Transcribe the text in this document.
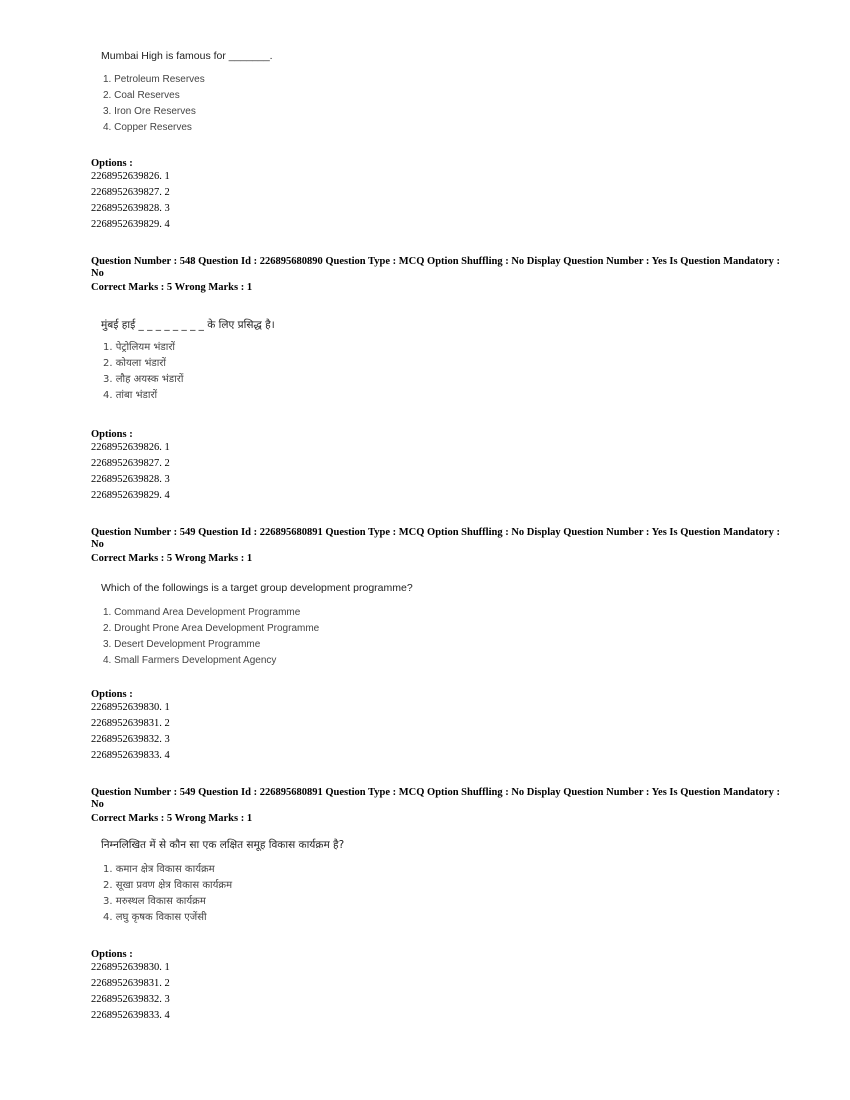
Mumbai High is famous for _______.
1. Petroleum Reserves
2. Coal Reserves
3. Iron Ore Reserves
4. Copper Reserves
Options :
2268952639826. 1
2268952639827. 2
2268952639828. 3
2268952639829. 4
Question Number : 548 Question Id : 226895680890 Question Type : MCQ Option Shuffling : No Display Question Number : Yes Is Question Mandatory : No
Correct Marks : 5 Wrong Marks : 1
मुंबई हाई _ _ _ _ _ _ _ _ के लिए प्रसिद्ध है।
1. पेट्रोलियम भंडारों
2. कोयला भंडारों
3. लौह अयस्क भंडारों
4. तांबा भंडारों
Options :
2268952639826. 1
2268952639827. 2
2268952639828. 3
2268952639829. 4
Question Number : 549 Question Id : 226895680891 Question Type : MCQ Option Shuffling : No Display Question Number : Yes Is Question Mandatory : No
Correct Marks : 5 Wrong Marks : 1
Which of the followings is a target group development programme?
1. Command Area Development Programme
2. Drought Prone Area Development Programme
3. Desert Development Programme
4. Small Farmers Development Agency
Options :
2268952639830. 1
2268952639831. 2
2268952639832. 3
2268952639833. 4
Question Number : 549 Question Id : 226895680891 Question Type : MCQ Option Shuffling : No Display Question Number : Yes Is Question Mandatory : No
Correct Marks : 5 Wrong Marks : 1
निम्नलिखित में से कौन सा एक लक्षित समूह विकास कार्यक्रम है?
1. कमान क्षेत्र विकास कार्यक्रम
2. सूखा प्रवण क्षेत्र विकास कार्यक्रम
3. मरुस्थल विकास कार्यक्रम
4. लघु कृषक विकास एजेंसी
Options :
2268952639830. 1
2268952639831. 2
2268952639832. 3
2268952639833. 4
